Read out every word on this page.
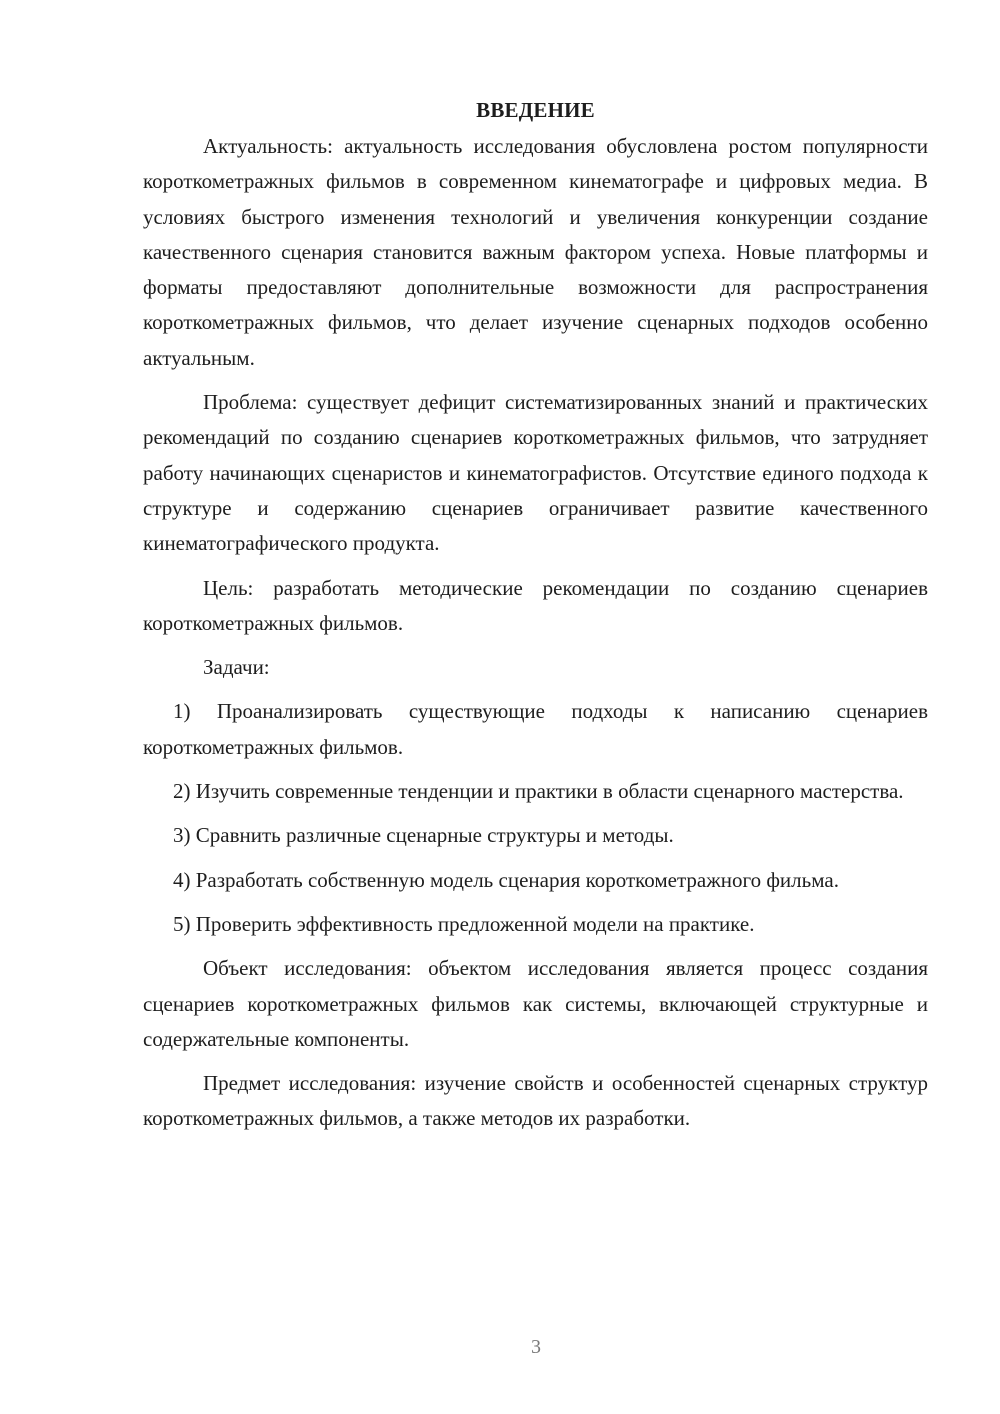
ВВЕДЕНИЕ

Актуальность: актуальность исследования обусловлена ростом популярности короткометражных фильмов в современном кинематографе и цифровых медиа. В условиях быстрого изменения технологий и увеличения конкуренции создание качественного сценария становится важным фактором успеха. Новые платформы и форматы предоставляют дополнительные возможности для распространения короткометражных фильмов, что делает изучение сценарных подходов особенно актуальным.

Проблема: существует дефицит систематизированных знаний и практических рекомендаций по созданию сценариев короткометражных фильмов, что затрудняет работу начинающих сценаристов и кинематографистов. Отсутствие единого подхода к структуре и содержанию сценариев ограничивает развитие качественного кинематографического продукта.

Цель: разработать методические рекомендации по созданию сценариев короткометражных фильмов.

Задачи:

1) Проанализировать существующие подходы к написанию сценариев короткометражных фильмов.

2) Изучить современные тенденции и практики в области сценарного мастерства.

3) Сравнить различные сценарные структуры и методы.

4) Разработать собственную модель сценария короткометражного фильма.

5) Проверить эффективность предложенной модели на практике.

Объект исследования: объектом исследования является процесс создания сценариев короткометражных фильмов как системы, включающей структурные и содержательные компоненты.

Предмет исследования: изучение свойств и особенностей сценарных структур короткометражных фильмов, а также методов их разработки.

3
